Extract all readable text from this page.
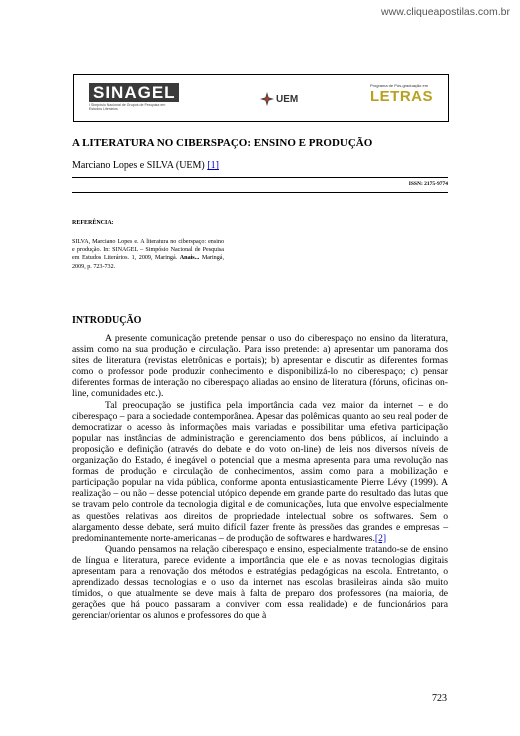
www.cliqueapostilas.com.br
SINAGEL
I Simpósio Nacional de Grupos de Pesquisa em Estudos Literários
UEM
Programa de Pós-graduação em
LETRAS
A LITERATURA NO CIBERSPAÇO: ENSINO E PRODUÇÃO
Marciano Lopes e SILVA (UEM) [1]
ISSN: 2175-9774
REFERÊNCIA:
SILVA, Marciano Lopes e. A literatura no ciberspaço: ensino e produção. In: SINAGEL – Simpósio Nacional de Pesquisa em Estudos Literários. 1, 2009, Maringá. Anais... Maringá, 2009, p. 723-732.
INTRODUÇÃO

A presente comunicação pretende pensar o uso do ciberespaço no ensino da literatura, assim como na sua produção e circulação. Para isso pretende: a) apresentar um panorama dos sites de literatura (revistas eletrônicas e portais); b) apresentar e discutir as diferentes formas como o professor pode produzir conhecimento e disponibilizá-lo no ciberespaço; c) pensar diferentes formas de interação no ciberespaço aliadas ao ensino de literatura (fóruns, oficinas on-line, comunidades etc.).

Tal preocupação se justifica pela importância cada vez maior da internet – e do ciberespaço – para a sociedade contemporânea. Apesar das polêmicas quanto ao seu real poder de democratizar o acesso às informações mais variadas e possibilitar uma efetiva participação popular nas instâncias de administração e gerenciamento dos bens públicos, aí incluindo a proposição e definição (através do debate e do voto on-line) de leis nos diversos níveis de organização do Estado, é inegável o potencial que a mesma apresenta para uma revolução nas formas de produção e circulação de conhecimentos, assim como para a mobilização e participação popular na vida pública, conforme aponta entusiasticamente Pierre Lévy (1999). A realização – ou não – desse potencial utópico depende em grande parte do resultado das lutas que se travam pelo controle da tecnologia digital e de comunicações, luta que envolve especialmente as questões relativas aos direitos de propriedade intelectual sobre os softwares. Sem o alargamento desse debate, será muito difícil fazer frente às pressões das grandes e empresas – predominantemente norte-americanas – de produção de softwares e hardwares.[2]

Quando pensamos na relação ciberespaço e ensino, especialmente tratando-se de ensino de língua e literatura, parece evidente a importância que ele e as novas tecnologias digitais apresentam para a renovação dos métodos e estratégias pedagógicas na escola. Entretanto, o aprendizado dessas tecnologias e o uso da internet nas escolas brasileiras ainda são muito tímidos, o que atualmente se deve mais à falta de preparo dos professores (na maioria, de gerações que há pouco passaram a conviver com essa realidade) e de funcionários para gerenciar/orientar os alunos e professores do que à

723
